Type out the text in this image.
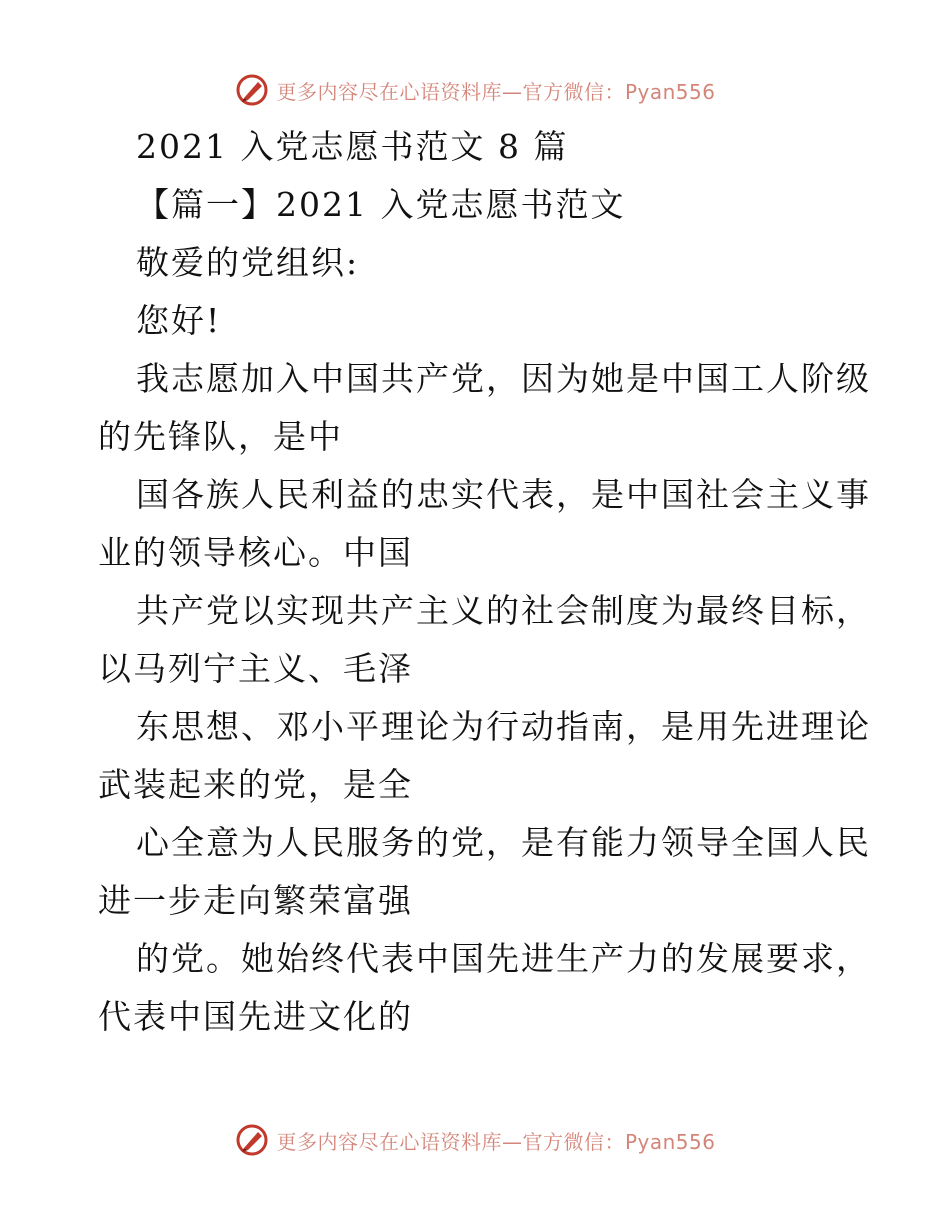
更多内容尽在心语资料库—官方微信：Pyan556
2021 入党志愿书范文 8 篇
【篇一】2021 入党志愿书范文
敬爱的党组织:
您好!
我志愿加入中国共产党，因为她是中国工人阶级
的先锋队，是中
国各族人民利益的忠实代表，是中国社会主义事
业的领导核心。中国
共产党以实现共产主义的社会制度为最终目标，
以马列宁主义、毛泽
东思想、邓小平理论为行动指南，是用先进理论
武装起来的党，是全
心全意为人民服务的党，是有能力领导全国人民
进一步走向繁荣富强
的党。她始终代表中国先进生产力的发展要求，
代表中国先进文化的
更多内容尽在心语资料库—官方微信：Pyan556
